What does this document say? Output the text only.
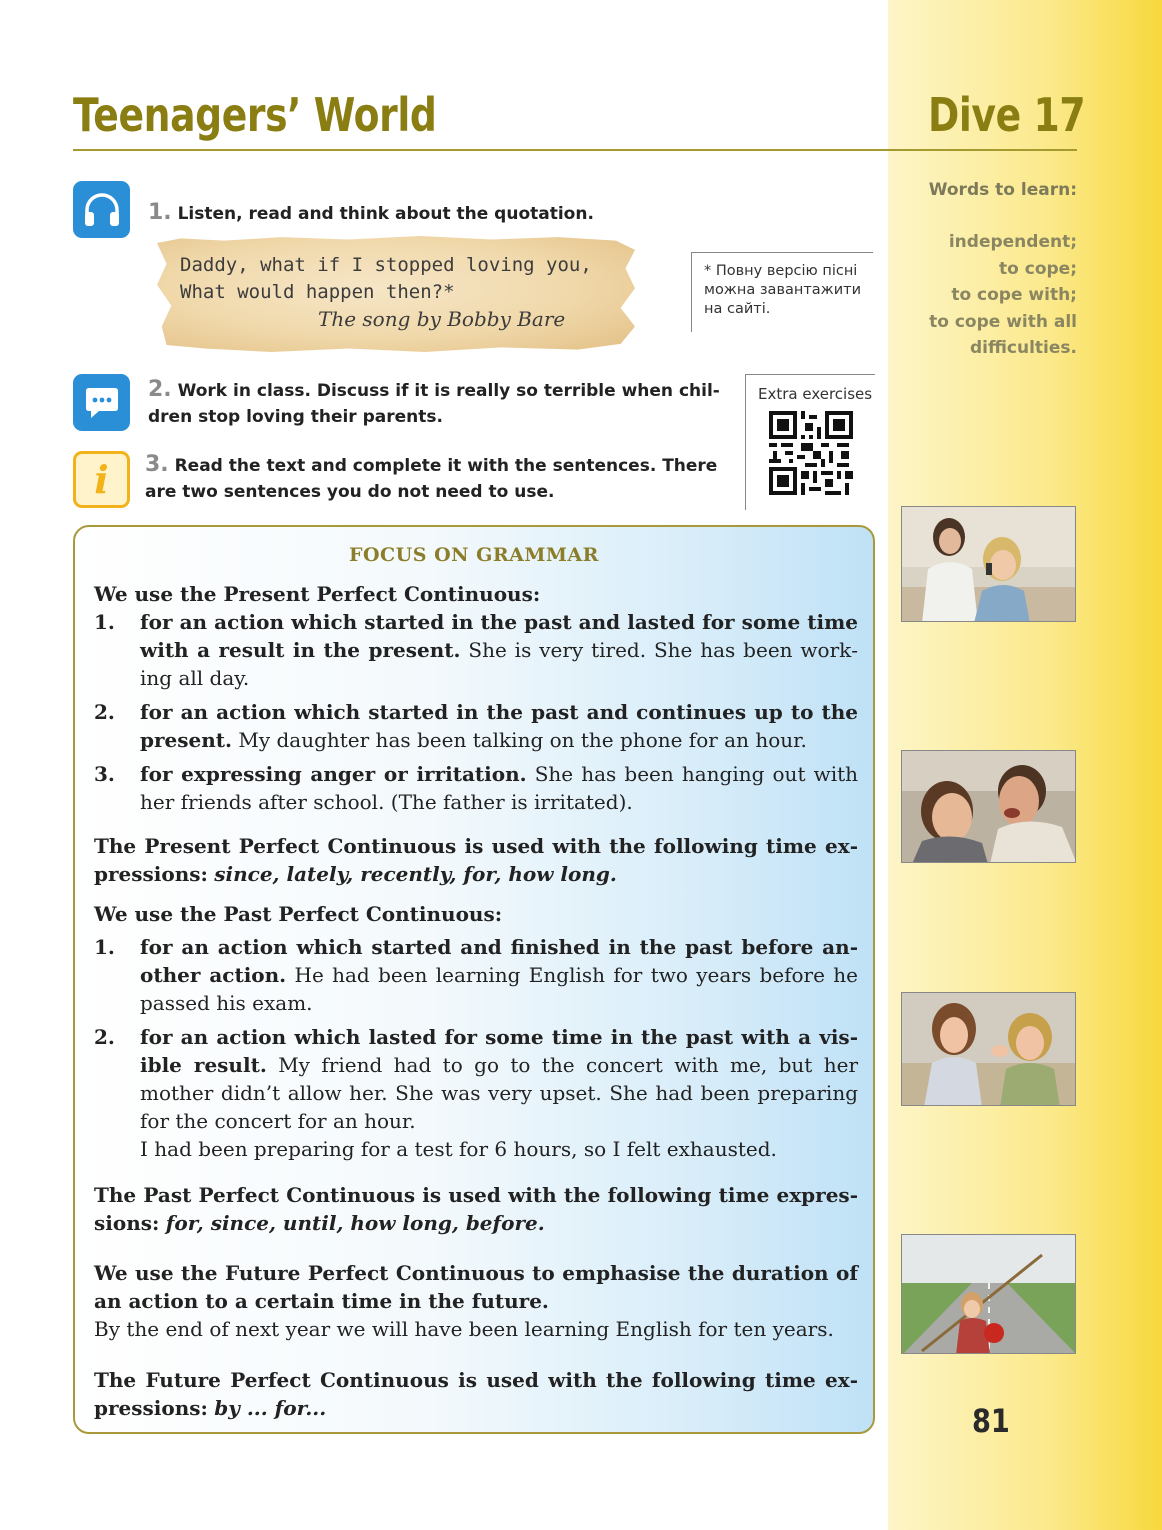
Teenagers’ World	Dive 17
Words to learn:
independent;
to cope;
to cope with;
to cope with all
difficulties.
1. Listen, read and think about the quotation.
Daddy, what if I stopped loving you,
What would happen then?*
The song by Bobby Bare
* Повну версію пісні можна завантажити на сайті.
2. Work in class. Discuss if it is really so terrible when chil-
dren stop loving their parents.
Extra exercises
i 3. Read the text and complete it with the sentences. There
are two sentences you do not need to use.
FOCUS ON GRAMMAR

We use the Present Perfect Continuous:

1. for an action which started in the past and lasted for some time with a result in the present. She is very tired. She has been working all day.
2. for an action which started in the past and continues up to the present. My daughter has been talking on the phone for an hour.
3. for expressing anger or irritation. She has been hanging out with her friends after school. (The father is irritated).

The Present Perfect Continuous is used with the following time expressions: since, lately, recently, for, how long.

We use the Past Perfect Continuous:

1. for an action which started and finished in the past before another action. He had been learning English for two years before he passed his exam.
2. for an action which lasted for some time in the past with a visible result. My friend had to go to the concert with me, but her mother didn’t allow her. She was very upset. She had been preparing for the concert for an hour.
I had been preparing for a test for 6 hours, so I felt exhausted.

The Past Perfect Continuous is used with the following time expressions: for, since, until, how long, before.

We use the Future Perfect Continuous to emphasise the duration of an action to a certain time in the future.

By the end of next year we will have been learning English for ten years.

The Future Perfect Continuous is used with the following time expressions: by ... for...	81
